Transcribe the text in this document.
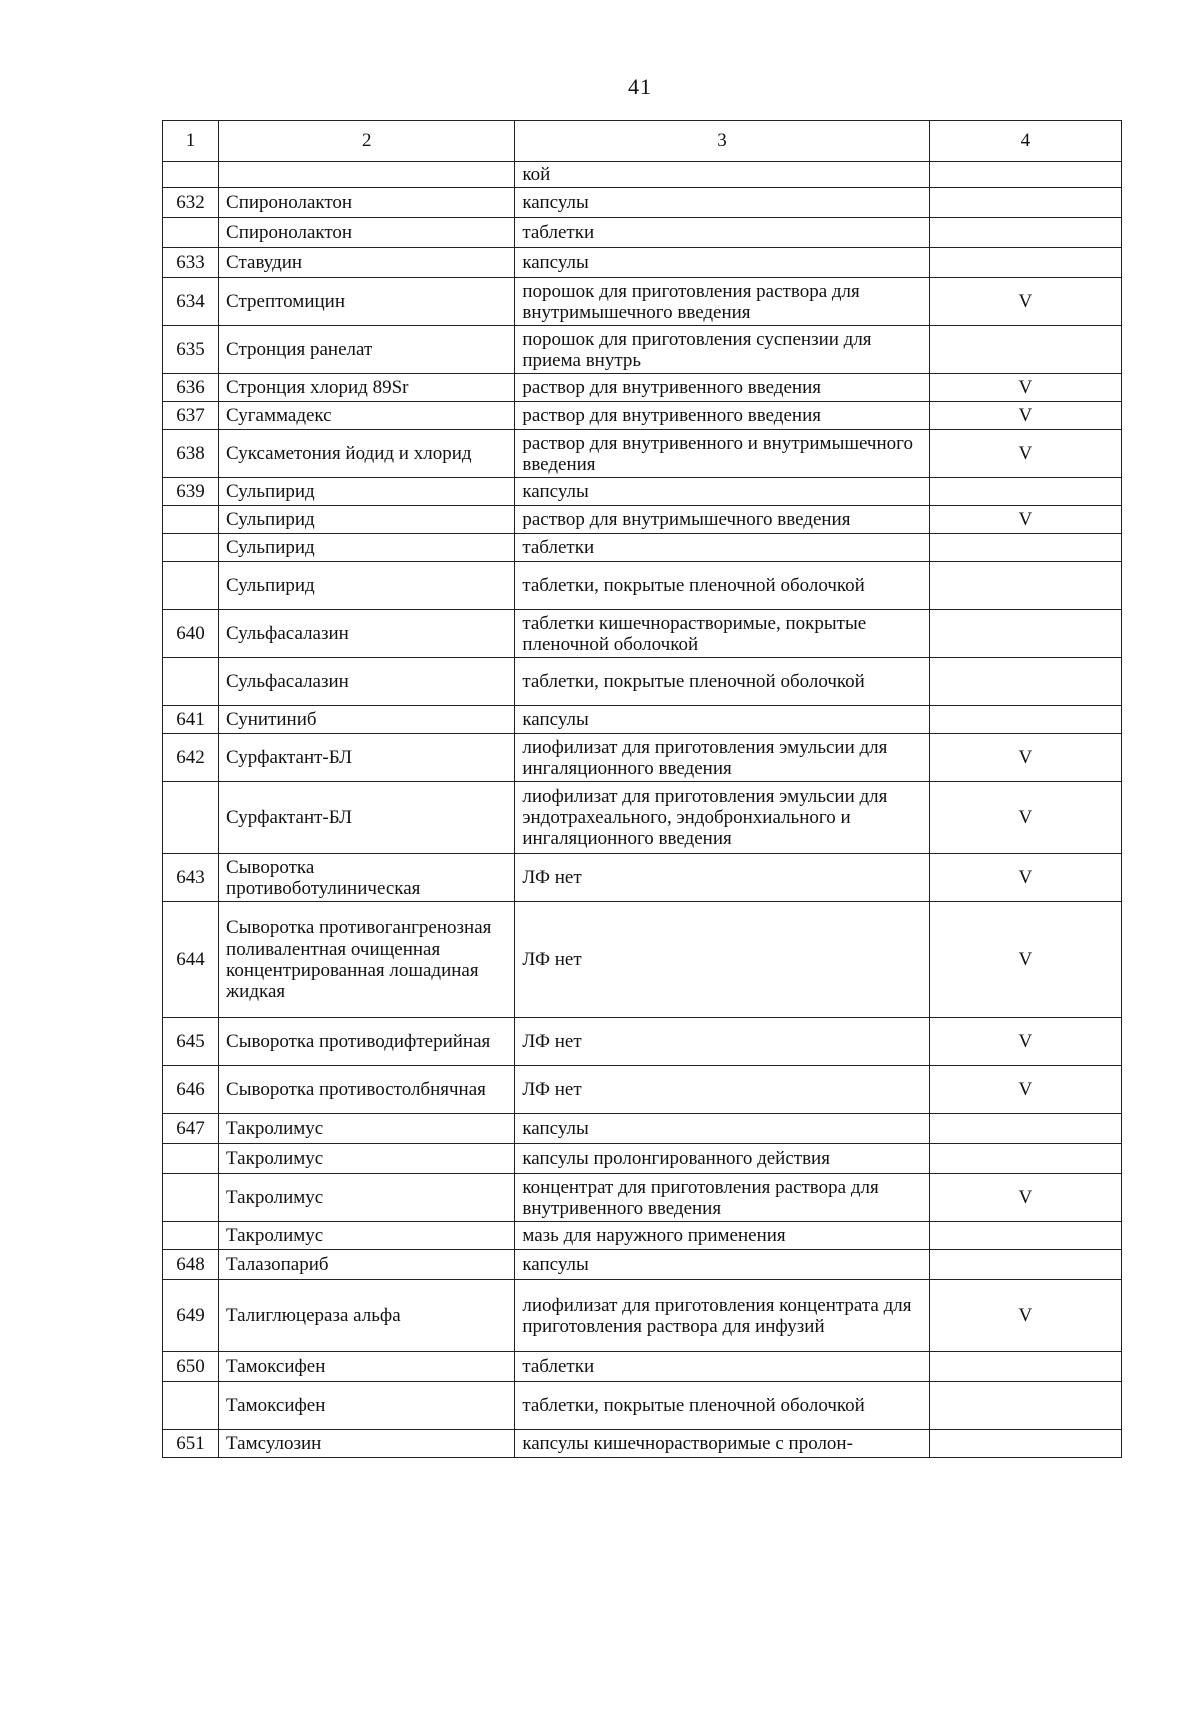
41
1	2	3	4
		кой	
632	Спиронолактон	капсулы	
	Спиронолактон	таблетки	
633	Ставудин	капсулы	
634	Стрептомицин	порошок для приготовления раствора для внутримышечного введения	V
635	Стронция ранелат	порошок для приготовления суспензии для приема внутрь	
636	Стронция хлорид 89Sr	раствор для внутривенного введения	V
637	Сугаммадекс	раствор для внутривенного введения	V
638	Суксаметония йодид и хлорид	раствор для внутривенного и внутримышечного введения	V
639	Сульпирид	капсулы	
	Сульпирид	раствор для внутримышечного введения	V
	Сульпирид	таблетки	
	Сульпирид	таблетки, покрытые пленочной оболочкой	
640	Сульфасалазин	таблетки кишечнорастворимые, покрытые пленочной оболочкой	
	Сульфасалазин	таблетки, покрытые пленочной оболочкой	
641	Сунитиниб	капсулы	
642	Сурфактант-БЛ	лиофилизат для приготовления эмульсии для ингаляционного введения	V
	Сурфактант-БЛ	лиофилизат для приготовления эмульсии для эндотрахеального, эндобронхиального и ингаляционного введения	V
643	Сыворотка противоботулиническая	ЛФ нет	V
644	Сыворотка противогангренозная поливалентная очищенная концентрированная лошадиная жидкая	ЛФ нет	V
645	Сыворотка противодифтерийная	ЛФ нет	V
646	Сыворотка противостолбнячная	ЛФ нет	V
647	Такролимус	капсулы	
	Такролимус	капсулы пролонгированного действия	
	Такролимус	концентрат для приготовления раствора для внутривенного введения	V
	Такролимус	мазь для наружного применения	
648	Талазопариб	капсулы	
649	Талиглюцераза альфа	лиофилизат для приготовления концентрата для приготовления раствора для инфузий	V
650	Тамоксифен	таблетки	
	Тамоксифен	таблетки, покрытые пленочной оболочкой	
651	Тамсулозин	капсулы кишечнорастворимые с пролон-	
